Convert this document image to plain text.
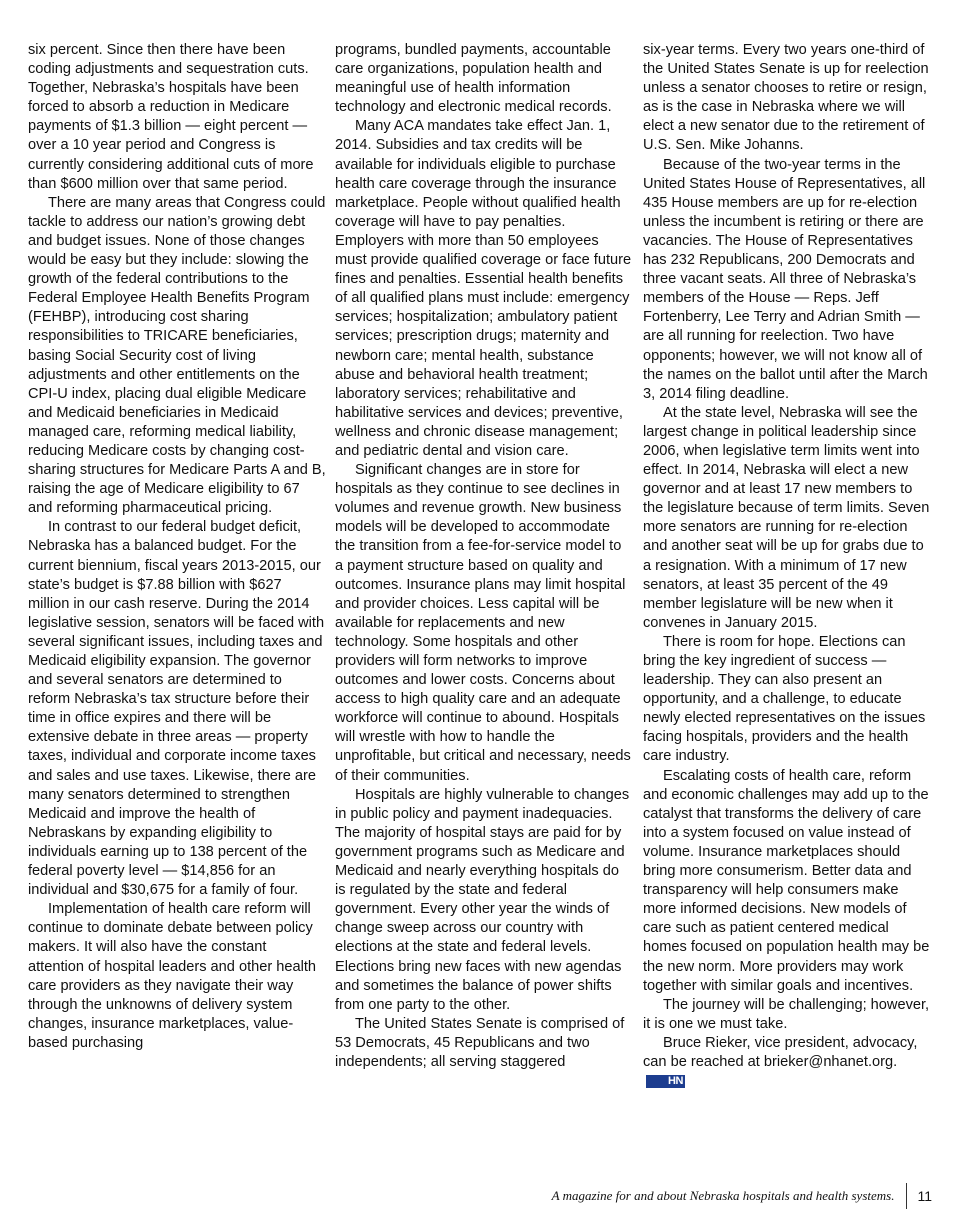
six percent. Since then there have been coding adjustments and sequestration cuts. Together, Nebraska’s hospitals have been forced to absorb a reduction in Medicare payments of $1.3 billion — eight percent — over a 10 year period and Congress is currently considering additional cuts of more than $600 million over that same period.

There are many areas that Congress could tackle to address our nation’s growing debt and budget issues. None of those changes would be easy but they include: slowing the growth of the federal contributions to the Federal Employee Health Benefits Program (FEHBP), introducing cost sharing responsibilities to TRICARE beneficiaries, basing Social Security cost of living adjustments and other entitlements on the CPI-U index, placing dual eligible Medicare and Medicaid beneficiaries in Medicaid managed care, reforming medical liability, reducing Medicare costs by changing cost-sharing structures for Medicare Parts A and B, raising the age of Medicare eligibility to 67 and reforming pharmaceutical pricing.

In contrast to our federal budget deficit, Nebraska has a balanced budget. For the current biennium, fiscal years 2013-2015, our state’s budget is $7.88 billion with $627 million in our cash reserve. During the 2014 legislative session, senators will be faced with several significant issues, including taxes and Medicaid eligibility expansion. The governor and several senators are determined to reform Nebraska’s tax structure before their time in office expires and there will be extensive debate in three areas — property taxes, individual and corporate income taxes and sales and use taxes. Likewise, there are many senators determined to strengthen Medicaid and improve the health of Nebraskans by expanding eligibility to individuals earning up to 138 percent of the federal poverty level — $14,856 for an individual and $30,675 for a family of four.

Implementation of health care reform will continue to dominate debate between policy makers. It will also have the constant attention of hospital leaders and other health care providers as they navigate their way through the unknowns of delivery system changes, insurance marketplaces, value-based purchasing

programs, bundled payments, accountable care organizations, population health and meaningful use of health information technology and electronic medical records.

Many ACA mandates take effect Jan. 1, 2014. Subsidies and tax credits will be available for individuals eligible to purchase health care coverage through the insurance marketplace. People without qualified health coverage will have to pay penalties. Employers with more than 50 employees must provide qualified coverage or face future fines and penalties. Essential health benefits of all qualified plans must include: emergency services; hospitalization; ambulatory patient services; prescription drugs; maternity and newborn care; mental health, substance abuse and behavioral health treatment; laboratory services; rehabilitative and habilitative services and devices; preventive, wellness and chronic disease management; and pediatric dental and vision care.

Significant changes are in store for hospitals as they continue to see declines in volumes and revenue growth. New business models will be developed to accommodate the transition from a fee-for-service model to a payment structure based on quality and outcomes. Insurance plans may limit hospital and provider choices. Less capital will be available for replacements and new technology. Some hospitals and other providers will form networks to improve outcomes and lower costs. Concerns about access to high quality care and an adequate workforce will continue to abound. Hospitals will wrestle with how to handle the unprofitable, but critical and necessary, needs of their communities.

Hospitals are highly vulnerable to changes in public policy and payment inadequacies. The majority of hospital stays are paid for by government programs such as Medicare and Medicaid and nearly everything hospitals do is regulated by the state and federal government. Every other year the winds of change sweep across our country with elections at the state and federal levels. Elections bring new faces with new agendas and sometimes the balance of power shifts from one party to the other.

The United States Senate is comprised of 53 Democrats, 45 Republicans and two independents; all serving staggered

six-year terms. Every two years one-third of the United States Senate is up for reelection unless a senator chooses to retire or resign, as is the case in Nebraska where we will elect a new senator due to the retirement of U.S. Sen. Mike Johanns.

Because of the two-year terms in the United States House of Representatives, all 435 House members are up for re-election unless the incumbent is retiring or there are vacancies. The House of Representatives has 232 Republicans, 200 Democrats and three vacant seats. All three of Nebraska’s members of the House — Reps. Jeff Fortenberry, Lee Terry and Adrian Smith — are all running for reelection. Two have opponents; however, we will not know all of the names on the ballot until after the March 3, 2014 filing deadline.

At the state level, Nebraska will see the largest change in political leadership since 2006, when legislative term limits went into effect. In 2014, Nebraska will elect a new governor and at least 17 new members to the legislature because of term limits. Seven more senators are running for re-election and another seat will be up for grabs due to a resignation. With a minimum of 17 new senators, at least 35 percent of the 49 member legislature will be new when it convenes in January 2015.

There is room for hope. Elections can bring the key ingredient of success — leadership. They can also present an opportunity, and a challenge, to educate newly elected representatives on the issues facing hospitals, providers and the health care industry.

Escalating costs of health care, reform and economic challenges may add up to the catalyst that transforms the delivery of care into a system focused on value instead of volume. Insurance marketplaces should bring more consumerism. Better data and transparency will help consumers make more informed decisions. New models of care such as patient centered medical homes focused on population health may be the new norm. More providers may work together with similar goals and incentives.

The journey will be challenging; however, it is one we must take.

Bruce Rieker, vice president, advocacy, can be reached at brieker@nhanet.org.HN

A magazine for and about Nebraska hospitals and health systems.	11
